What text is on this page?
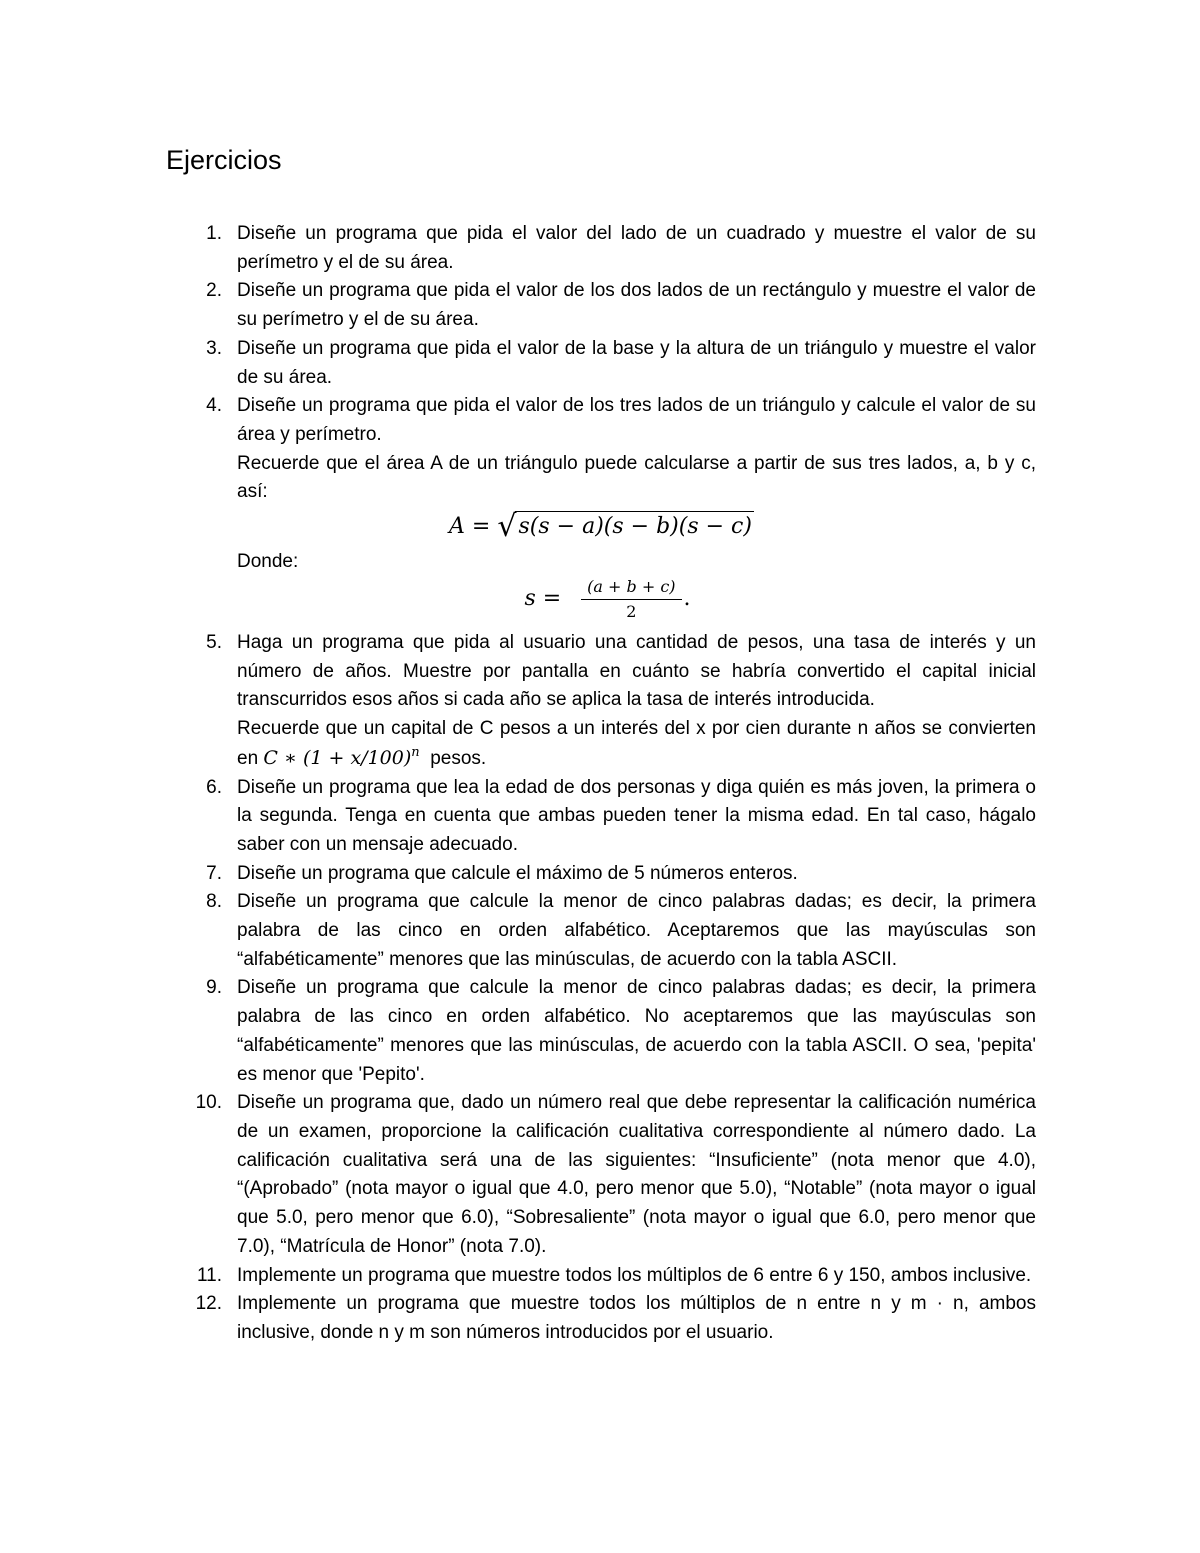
Ejercicios
1. Diseñe un programa que pida el valor del lado de un cuadrado y muestre el valor de su perímetro y el de su área.

2. Diseñe un programa que pida el valor de los dos lados de un rectángulo y muestre el valor de su perímetro y el de su área.

3. Diseñe un programa que pida el valor de la base y la altura de un triángulo y muestre el valor de su área.

4. Diseñe un programa que pida el valor de los tres lados de un triángulo y calcule el valor de su área y perímetro.

Recuerde que el área A de un triángulo puede calcularse a partir de sus tres lados, a, b y c, así:

A = √s(s − a)(s − b)(s − c)

Donde:

$s = \frac{(a + b + c)}{2}$ .
5. Haga un programa que pida al usuario una cantidad de pesos, una tasa de interés y un número de años. Muestre por pantalla en cuánto se habría convertido el capital inicial transcurridos esos años si cada año se aplica la tasa de interés introducida.

Recuerde que un capital de C pesos a un interés del x por cien durante n años se convierten en C ∗ $(1 + x/100)^n$ pesos.

6. Diseñe un programa que lea la edad de dos personas y diga quién es más joven, la primera o la segunda. Tenga en cuenta que ambas pueden tener la misma edad. En tal caso, hágalo saber con un mensaje adecuado.

7. Diseñe un programa que calcule el máximo de 5 números enteros.

8. Diseñe un programa que calcule la menor de cinco palabras dadas; es decir, la primera palabra de las cinco en orden alfabético. Aceptaremos que las mayúsculas son “alfabéticamente” menores que las minúsculas, de acuerdo con la tabla ASCII.

9. Diseñe un programa que calcule la menor de cinco palabras dadas; es decir, la primera palabra de las cinco en orden alfabético. No aceptaremos que las mayúsculas son “alfabéticamente” menores que las minúsculas, de acuerdo con la tabla ASCII. O sea, 'pepita' es menor que 'Pepito'.

10. Diseñe un programa que, dado un número real que debe representar la calificación numérica de un examen, proporcione la calificación cualitativa correspondiente al número dado. La calificación cualitativa será una de las siguientes: “Insuficiente” (nota menor que 4.0), “(Aprobado” (nota mayor o igual que 4.0, pero menor que 5.0), “Notable” (nota mayor o igual que 5.0, pero menor que 6.0), “Sobresaliente” (nota mayor o igual que 6.0, pero menor que 7.0), “Matrícula de Honor” (nota 7.0).

11. Implemente un programa que muestre todos los múltiplos de 6 entre 6 y 150, ambos inclusive.

12. Implemente un programa que muestre todos los múltiplos de n entre n y m · n, ambos inclusive, donde n y m son números introducidos por el usuario.
